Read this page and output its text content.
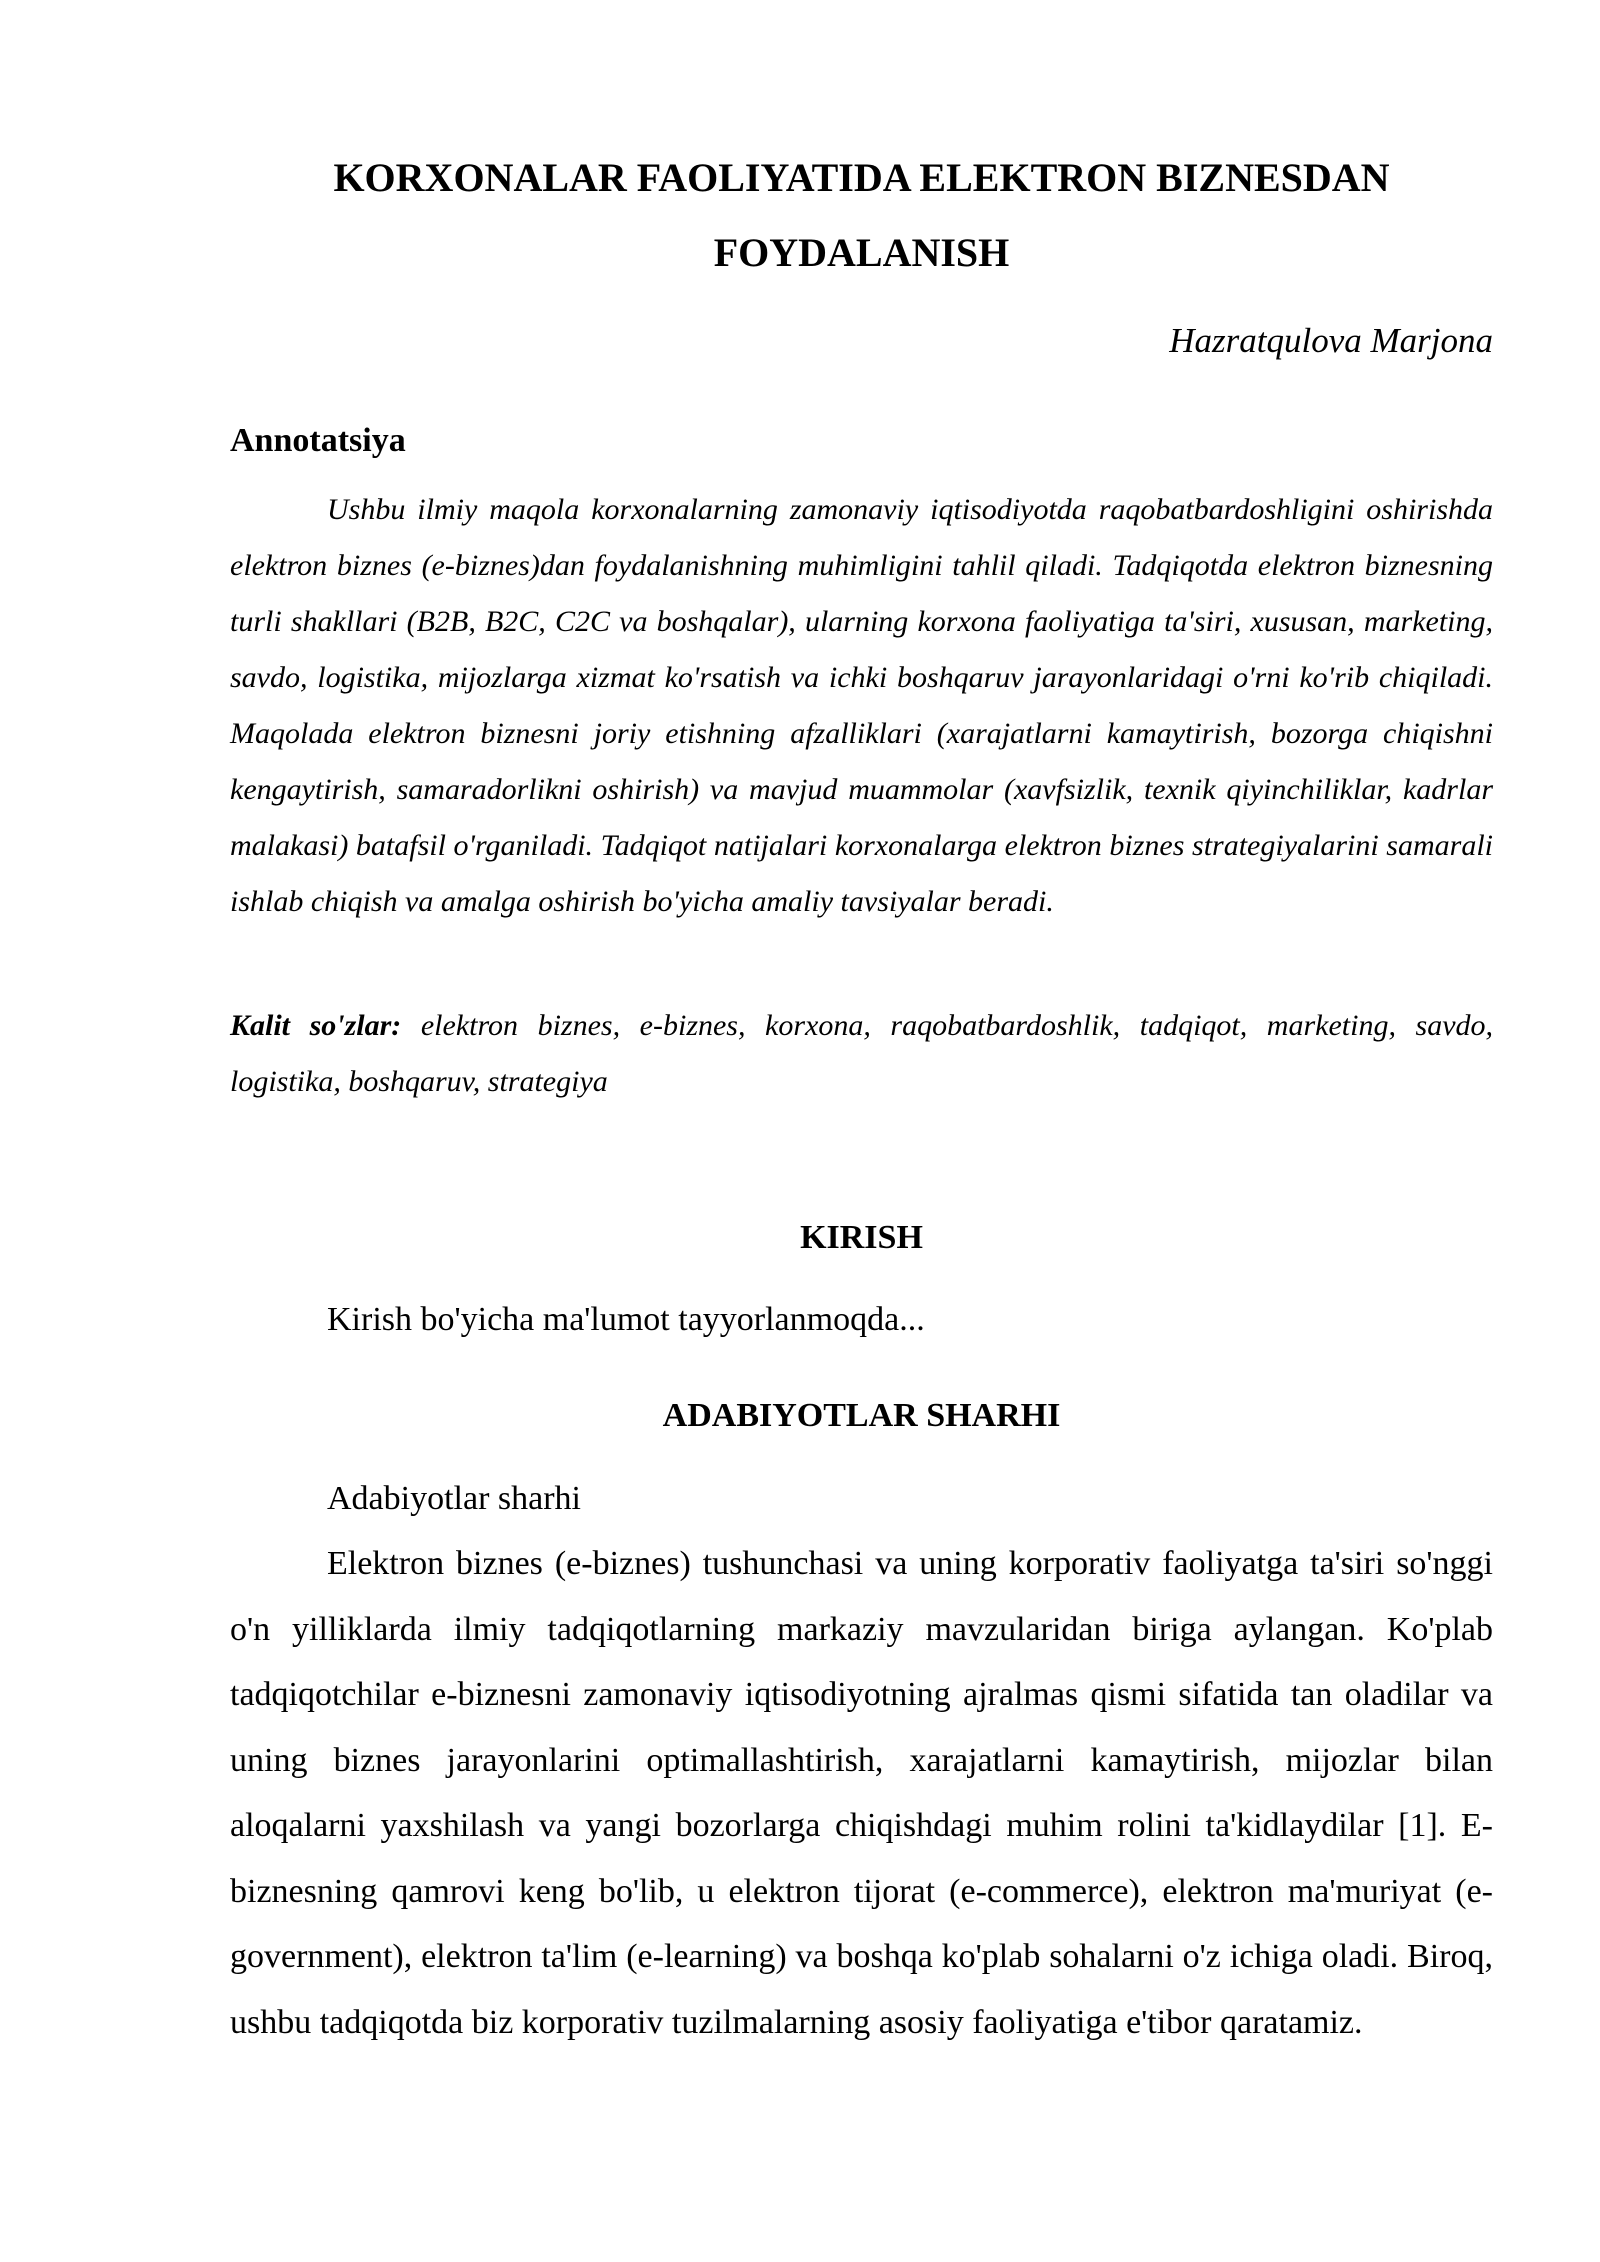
KORXONALAR FAOLIYATIDA ELEKTRON BIZNESDAN FOYDALANISH
Hazratqulova Marjona
Annotatsiya

Ushbu ilmiy maqola korxonalarning zamonaviy iqtisodiyotda raqobatbardoshligini oshirishda elektron biznes (e-biznes)dan foydalanishning muhimligini tahlil qiladi. Tadqiqotda elektron biznesning turli shakllari (B2B, B2C, C2C va boshqalar), ularning korxona faoliyatiga ta'siri, xususan, marketing, savdo, logistika, mijozlarga xizmat ko'rsatish va ichki boshqaruv jarayonlaridagi o'rni ko'rib chiqiladi. Maqolada elektron biznesni joriy etishning afzalliklari (xarajatlarni kamaytirish, bozorga chiqishni kengaytirish, samaradorlikni oshirish) va mavjud muammolar (xavfsizlik, texnik qiyinchiliklar, kadrlar malakasi) batafsil o'rganiladi. Tadqiqot natijalari korxonalarga elektron biznes strategiyalarini samarali ishlab chiqish va amalga oshirish bo'yicha amaliy tavsiyalar beradi.

Kalit so'zlar: elektron biznes, e-biznes, korxona, raqobatbardoshlik, tadqiqot, marketing, savdo, logistika, boshqaruv, strategiya

KIRISH

Kirish bo'yicha ma'lumot tayyorlanmoqda...

ADABIYOTLAR SHARHI

Adabiyotlar sharhi

Elektron biznes (e-biznes) tushunchasi va uning korporativ faoliyatga ta'siri so'nggi o'n yilliklarda ilmiy tadqiqotlarning markaziy mavzularidan biriga aylangan. Ko'plab tadqiqotchilar e-biznesni zamonaviy iqtisodiyotning ajralmas qismi sifatida tan oladilar va uning biznes jarayonlarini optimallashtirish, xarajatlarni kamaytirish, mijozlar bilan aloqalarni yaxshilash va yangi bozorlarga chiqishdagi muhim rolini ta'kidlaydilar [1]. E-biznesning qamrovi keng bo'lib, u elektron tijorat (e-commerce), elektron ma'muriyat (e-government), elektron ta'lim (e-learning) va boshqa ko'plab sohalarni o'z ichiga oladi. Biroq, ushbu tadqiqotda biz korporativ tuzilmalarning asosiy faoliyatiga e'tibor qaratamiz.
